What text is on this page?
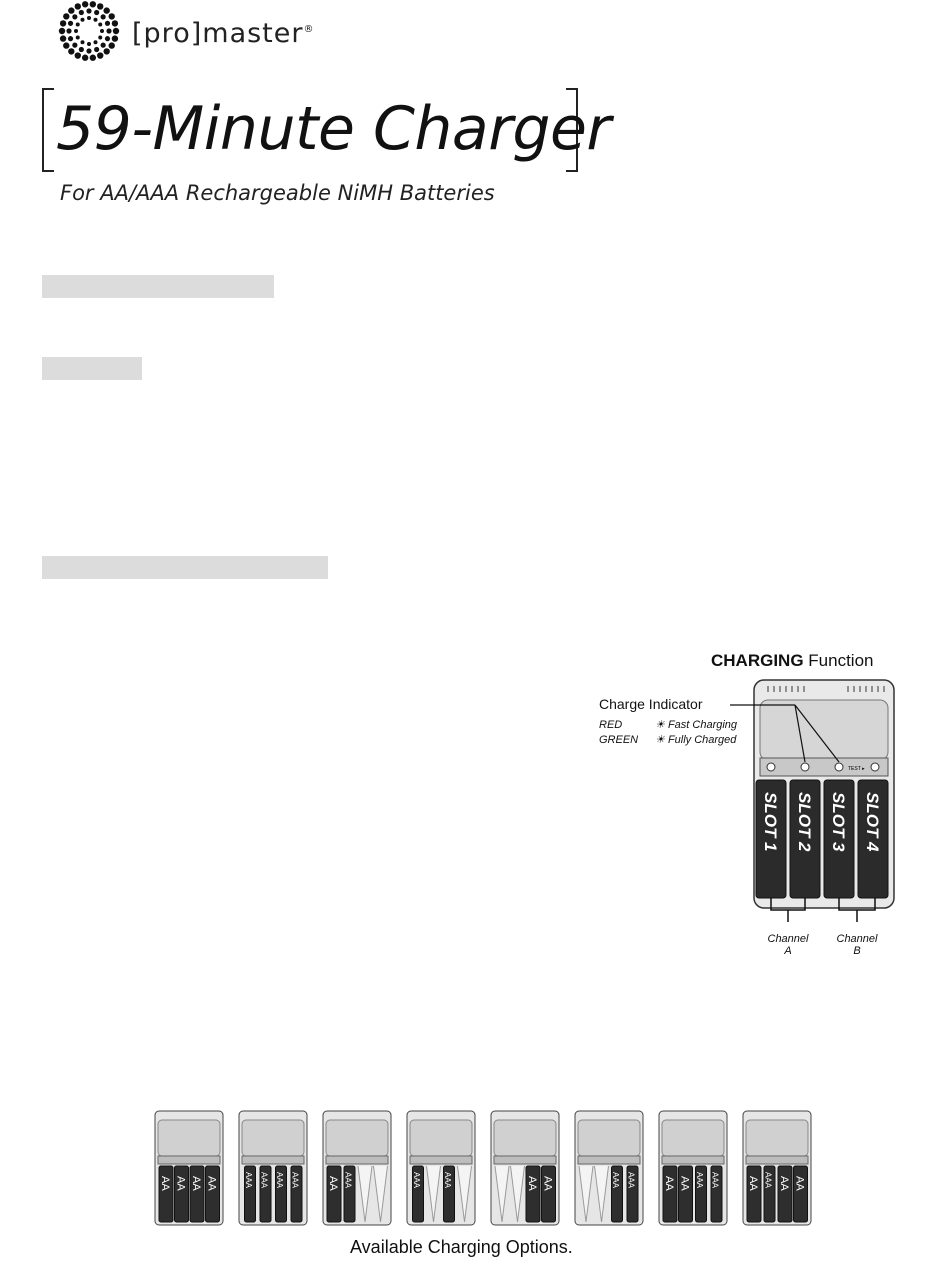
[pro]master®
59-Minute Charger
For AA/AAA Rechargeable NiMH Batteries
CHARGING Function
TEST ▸
SLOT 1 SLOT 2 SLOT 3 SLOT 4
Charge Indicator
RED	☀ Fast Charging
GREEN ☀ Fully Charged
Channel
A
Channel
B
AA AA AA AA	AAA AAA AAA AAA	AA AAA	AAA	AAA	AA AA	AAA AAA	AA AA AAA AAA	AA AAA AA AA
Available Charging Options.
